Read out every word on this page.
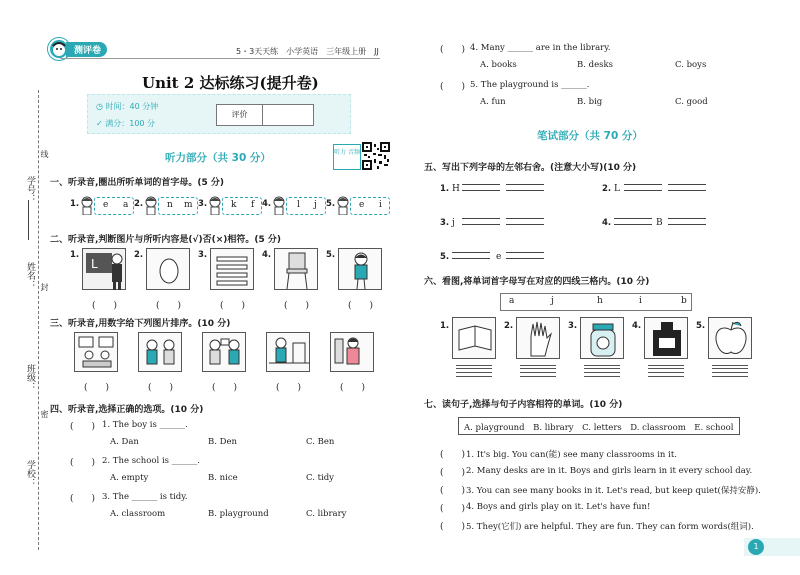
学号：
线
姓名： 封
班级：
密
学校：
测评卷	5・3天天练　小学英语　三年级上册　JJ
Unit 2 达标练习(提升卷)
◷ 时间：40 分钟
✓ 满分：100 分
评价
听力 音频
听力部分（共 30 分）
一、听录音,圈出所听单词的首字母。(5 分)
1.	e a 2.	n m 3.	k f 4.	l j 5.	e i
二、听录音,判断图片与所听内容是(√)否(×)相符。(5 分)
1.
L
2.	3.	4.	5.
(　　)	(　　)	(　　)	(　　)	(　　)
三、听录音,用数字给下列图片排序。(10 分)
(　　)	(　　)	(　　)	(　　)	(　　)
四、听录音,选择正确的选项。(10 分)
(　　) 1. The boy is ______.
A. Dan	B. Den	C. Ben
(　　) 2. The school is ______.
A. empty	B. nice	C. tidy
(　　) 3. The ______ is tidy.
A. classroom	B. playground	C. library
(　　) 4. Many ______ are in the library.
A. books	B. desks	C. boys
(　　) 5. The playground is ______.
A. fun	B. big	C. good
笔试部分（共 70 分）
五、写出下列字母的左邻右舍。(注意大小写)(10 分)
1. H	2. L
3. j	4.	B
5.	e
六、看图,将单词首字母写在对应的四线三格内。(10 分)
a	j	h	i	b
1.	2.	3.	4.	5.
七、读句子,选择与句子内容相符的单词。(10 分)
A. playground　B. library　C. letters　D. classroom　E. school
(　　) 1. It's big. You can(能) see many classrooms in it.
(　　) 2. Many desks are in it. Boys and girls learn in it every school day.
(　　) 3. You can see many books in it. Let's read, but keep quiet(保持安静).
(　　) 4. Boys and girls play on it. Let's have fun!
(　　) 5. They(它们) are helpful. They are fun. They can form words(组词).
1
